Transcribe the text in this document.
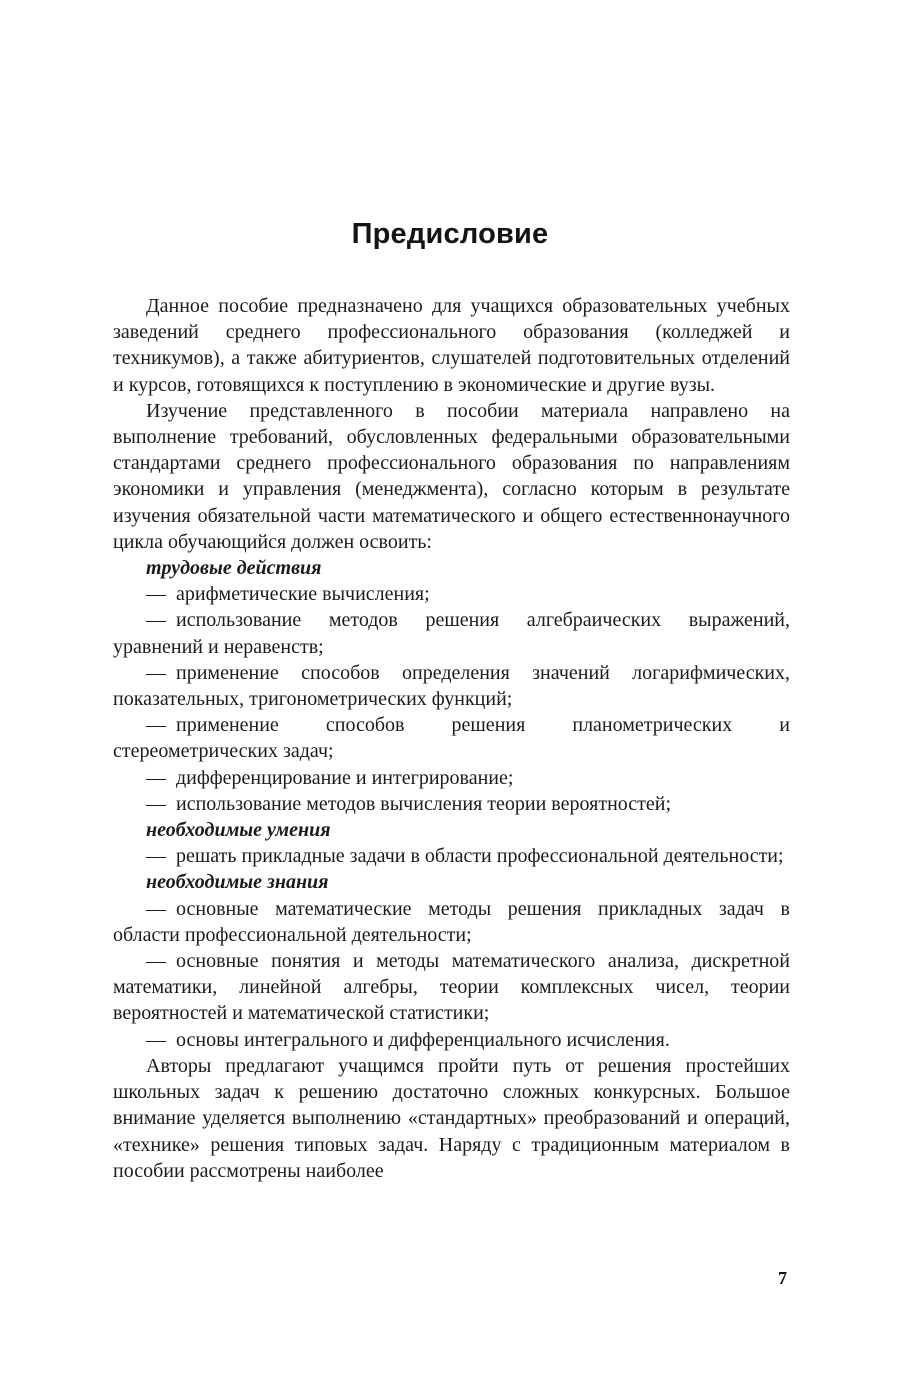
Предисловие

Данное пособие предназначено для учащихся образовательных учебных заведений среднего профессионального образования (колледжей и техникумов), а также абитуриентов, слушателей подготовительных отделений и курсов, готовящихся к поступлению в экономические и другие вузы.

Изучение представленного в пособии материала направлено на выполнение требований, обусловленных федеральными образовательными стандартами среднего профессионального образования по направлениям экономики и управления (менеджмента), согласно которым в результате изучения обязательной части математического и общего естественнонаучного цикла обучающийся должен освоить:

трудовые действия

— арифметические вычисления;

— использование методов решения алгебраических выражений, уравнений и неравенств;

— применение способов определения значений логарифмических, показательных, тригонометрических функций;

— применение способов решения планометрических и стереометрических задач;

— дифференцирование и интегрирование;

— использование методов вычисления теории вероятностей;

необходимые умения

— решать прикладные задачи в области профессиональной деятельности;

необходимые знания

— основные математические методы решения прикладных задач в области профессиональной деятельности;

— основные понятия и методы математического анализа, дискретной математики, линейной алгебры, теории комплексных чисел, теории вероятностей и математической статистики;

— основы интегрального и дифференциального исчисления.

Авторы предлагают учащимся пройти путь от решения простейших школьных задач к решению достаточно сложных конкурсных. Большое внимание уделяется выполнению «стандартных» преобразований и операций, «технике» решения типовых задач. Наряду с традиционным материалом в пособии рассмотрены наиболее

7
